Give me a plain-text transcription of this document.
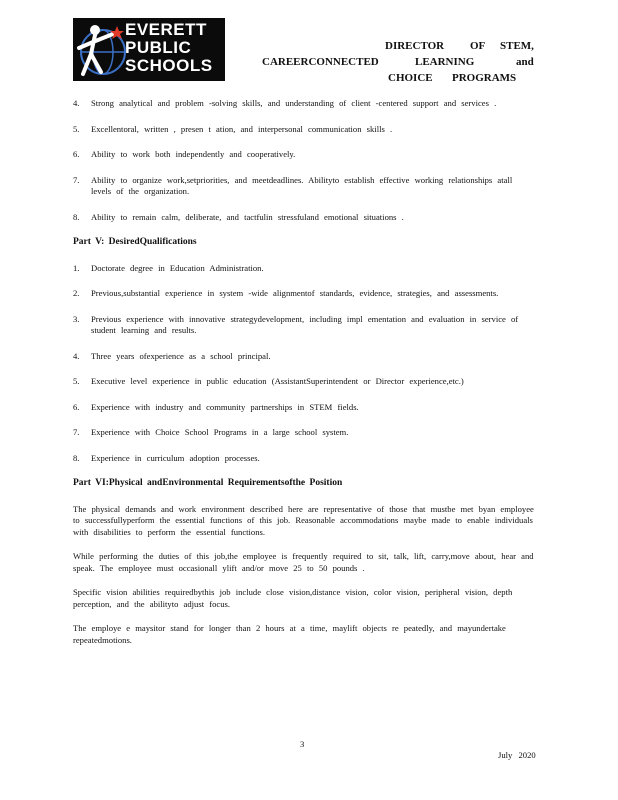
EVERETT
PUBLIC
SCHOOLS
DIRECTOR OF STEM,
CAREERCONNECTED	LEARNING	and
CHOICE PROGRAMS
4.	Strong analytical and problem -solving skills, and understanding of client -centered support and services .
5.	Excellentoral, written , presen t ation, and interpersonal communication skills .
6.	Ability to work both independently and cooperatively.
7.	Ability to organize work,setpriorities, and meetdeadlines. Abilityto establish effective working relationships atall levels of the organization.
8.	Ability to remain calm, deliberate, and tactfulin stressfuland emotional situations .
Part V: DesiredQualifications
1.	Doctorate degree in Education Administration.
2.	Previous,substantial experience in system -wide alignmentof standards, evidence, strategies, and assessments.
3.	Previous experience with innovative strategydevelopment, including impl ementation and evaluation in service of student learning and results.
4.	Three years ofexperience as a school principal.
5.	Executive level experience in public education (AssistantSuperintendent or Director experience,etc.)
6.	Experience with industry and community partnerships in STEM fields.
7.	Experience with Choice School Programs in a large school system.
8.	Experience in curriculum adoption processes.
Part VI:Physical andEnvironmental Requirementsofthe Position
The physical demands and work environment described here are representative of those that mustbe met byan employee to successfullyperform the essential functions of this job. Reasonable accommodations maybe made to enable individuals with disabilities to perform the essential functions.
While performing the duties of this job,the employee is frequently required to sit, talk, lift, carry,move about, hear and speak. The employee must occasionall ylift and/or move 25 to 50 pounds .
Specific vision abilities requiredbythis job include close vision,distance vision, color vision, peripheral vision, depth perception, and the abilityto adjust focus.
The employe e maysitor stand for longer than 2 hours at a time, maylift objects re peatedly, and mayundertake repeatedmotions.
3
July 2020
